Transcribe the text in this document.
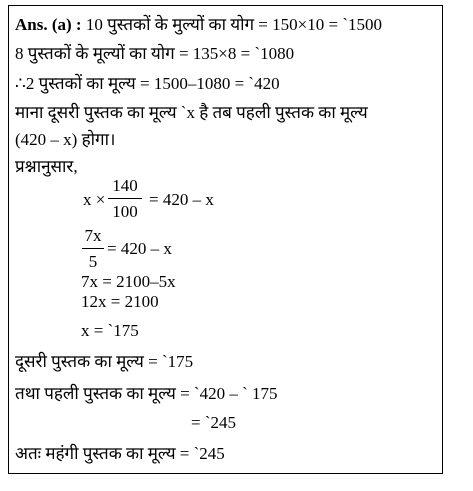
Ans. (a) : 10 पुस्तकों के मुल्यों का योग = 150×10 = `1500
8 पुस्तकों के मूल्यों का योग = 135×8 = `1080
∴2 पुस्तकों का मूल्य = 1500–1080 = `420
माना दूसरी पुस्तक का मूल्य `x है तब पहली पुस्तक का मूल्य
(420 – x) होगा।
प्रश्नानुसार,
x ×
140
100
= 420 – x
7x
5
= 420 – x
7x = 2100–5x
12x = 2100
x = `175
दूसरी पुस्तक का मूल्य = `175
तथा पहली पुस्तक का मूल्य = `420 – ` 175
= `245
अतः महंगी पुस्तक का मूल्य = `245
